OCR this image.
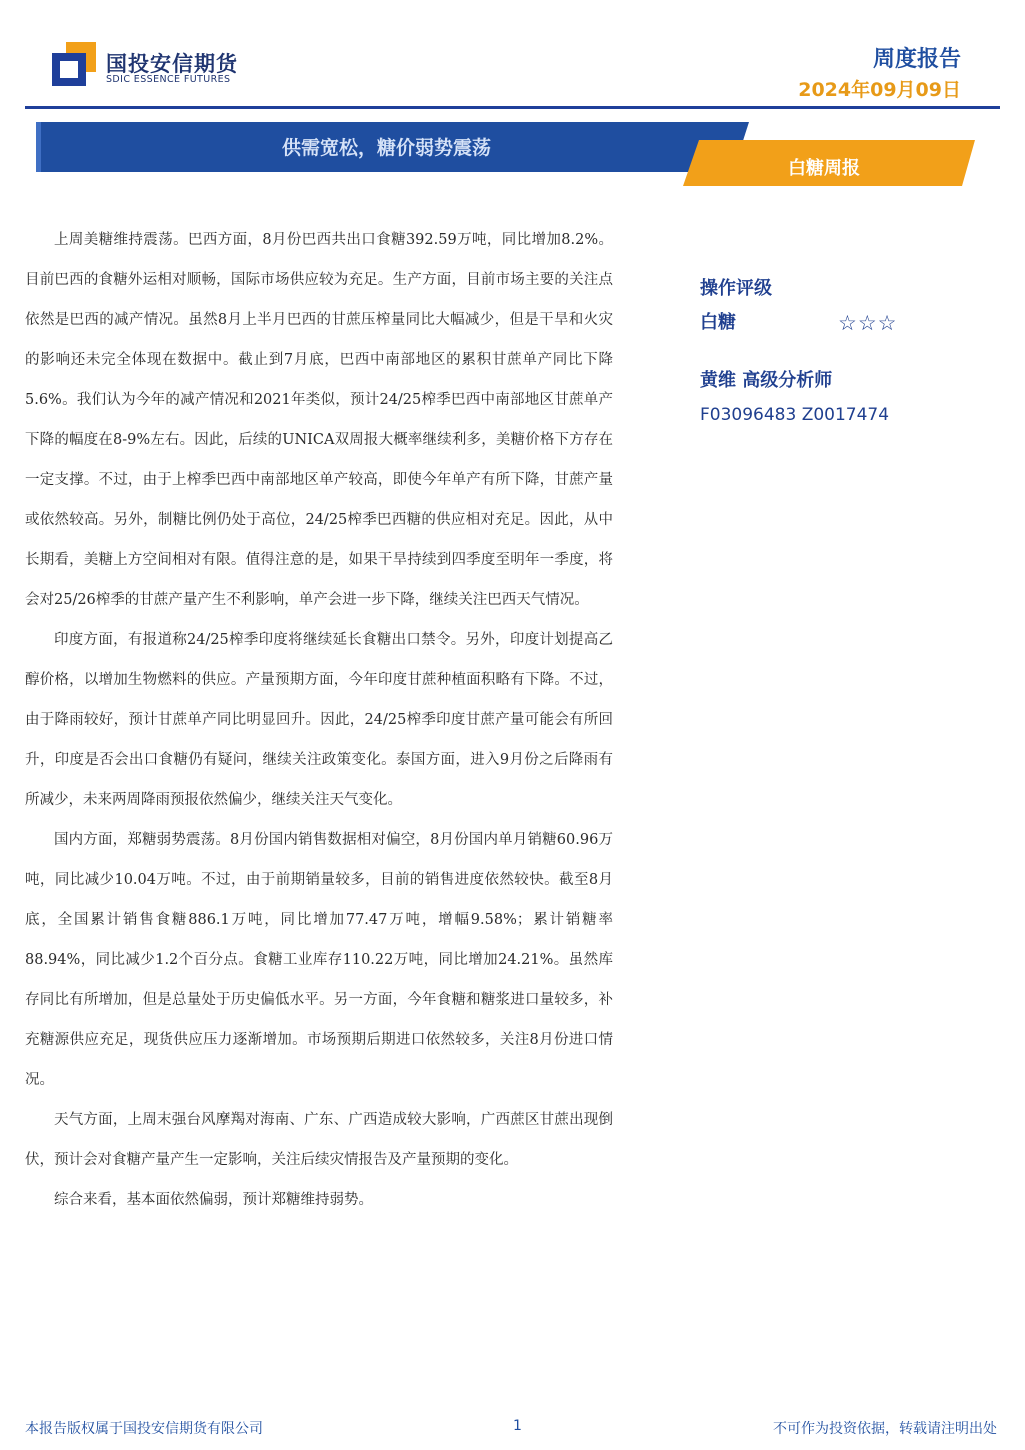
国投安信期货
SDIC ESSENCE FUTURES
周度报告
2024年09月09日
供需宽松，糖价弱势震荡
白糖周报

上周美糖维持震荡。巴西方面，8月份巴西共出口食糖392.59万吨，同比增加8.2%。目前巴西的食糖外运相对顺畅，国际市场供应较为充足。生产方面，目前市场主要的关注点依然是巴西的减产情况。虽然8月上半月巴西的甘蔗压榨量同比大幅减少，但是干旱和火灾的影响还未完全体现在数据中。截止到7月底，巴西中南部地区的累积甘蔗单产同比下降5.6%。我们认为今年的减产情况和2021年类似，预计24/25榨季巴西中南部地区甘蔗单产下降的幅度在8-9%左右。因此，后续的UNICA双周报大概率继续利多，美糖价格下方存在一定支撑。不过，由于上榨季巴西中南部地区单产较高，即使今年单产有所下降，甘蔗产量或依然较高。另外，制糖比例仍处于高位，24/25榨季巴西糖的供应相对充足。因此，从中长期看，美糖上方空间相对有限。值得注意的是，如果干旱持续到四季度至明年一季度，将会对25/26榨季的甘蔗产量产生不利影响，单产会进一步下降，继续关注巴西天气情况。

印度方面，有报道称24/25榨季印度将继续延长食糖出口禁令。另外，印度计划提高乙醇价格，以增加生物燃料的供应。产量预期方面，今年印度甘蔗种植面积略有下降。不过，由于降雨较好，预计甘蔗单产同比明显回升。因此，24/25榨季印度甘蔗产量可能会有所回升，印度是否会出口食糖仍有疑问，继续关注政策变化。泰国方面，进入9月份之后降雨有所减少，未来两周降雨预报依然偏少，继续关注天气变化。

国内方面，郑糖弱势震荡。8月份国内销售数据相对偏空，8月份国内单月销糖60.96万吨，同比减少10.04万吨。不过，由于前期销量较多，目前的销售进度依然较快。截至8月底，全国累计销售食糖886.1万吨，同比增加77.47万吨，增幅9.58%；累计销糖率88.94%，同比减少1.2个百分点。食糖工业库存110.22万吨，同比增加24.21%。虽然库存同比有所增加，但是总量处于历史偏低水平。另一方面，今年食糖和糖浆进口量较多，补充糖源供应充足，现货供应压力逐渐增加。市场预期后期进口依然较多，关注8月份进口情况。

天气方面，上周末强台风摩羯对海南、广东、广西造成较大影响，广西蔗区甘蔗出现倒伏，预计会对食糖产量产生一定影响，关注后续灾情报告及产量预期的变化。

综合来看，基本面依然偏弱，预计郑糖维持弱势。

操作评级
白糖	☆☆☆
黄维 高级分析师
F03096483 Z0017474
本报告版权属于国投安信期货有限公司	1	不可作为投资依据，转载请注明出处
